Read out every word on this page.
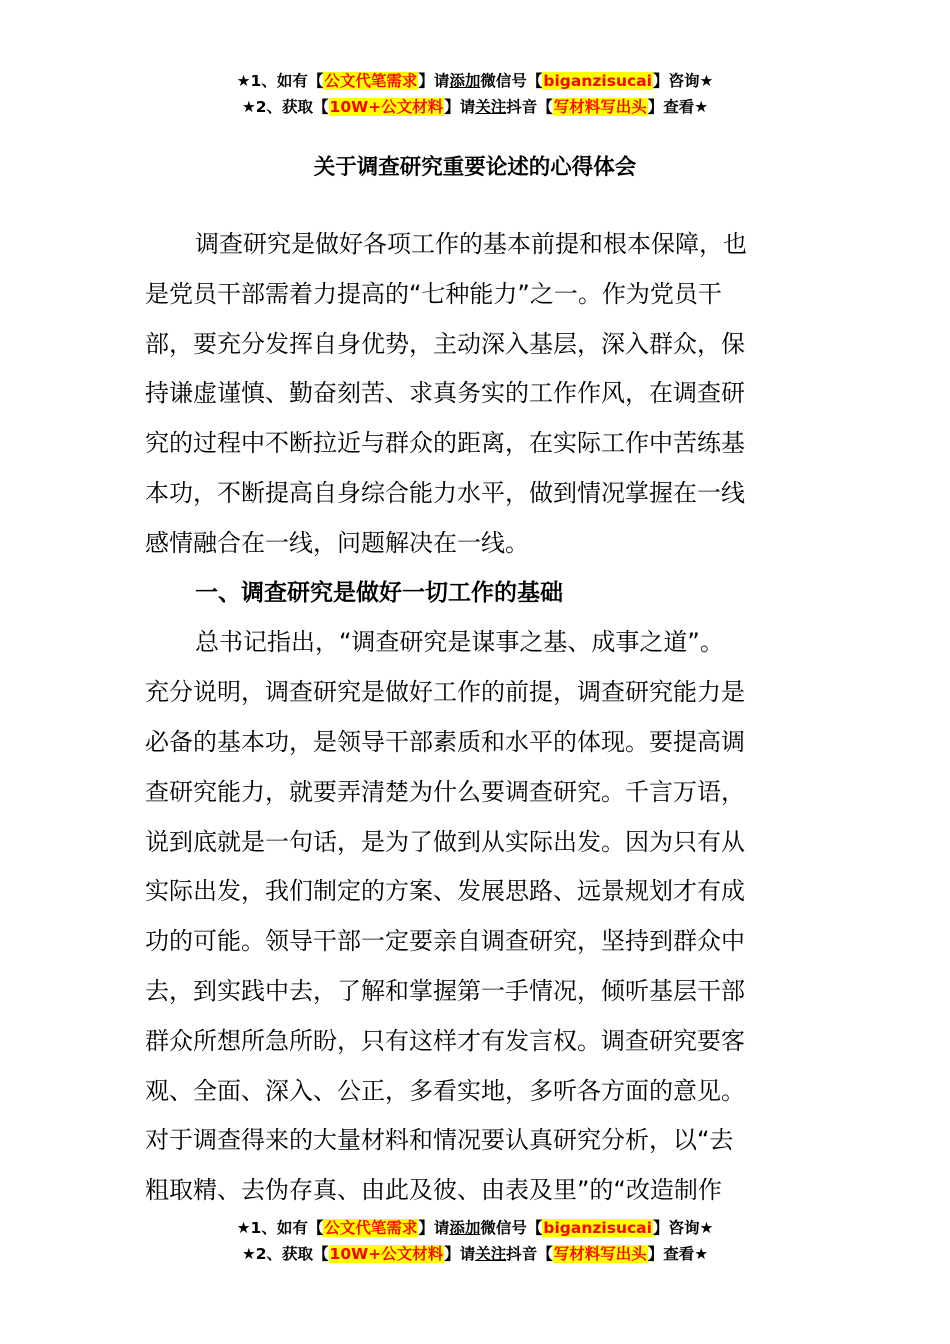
★1、如有【公文代笔需求】请添加微信号【biganzisucai】咨询★
★2、获取【10W+公文材料】请关注抖音【写材料写出头】查看★
关于调查研究重要论述的心得体会
调查研究是做好各项工作的基本前提和根本保障，也
是党员干部需着力提高的“七种能力”之一。作为党员干
部，要充分发挥自身优势，主动深入基层，深入群众，保
持谦虚谨慎、勤奋刻苦、求真务实的工作作风，在调查研
究的过程中不断拉近与群众的距离，在实际工作中苦练基
本功，不断提高自身综合能力水平，做到情况掌握在一线
感情融合在一线，问题解决在一线。
一、调查研究是做好一切工作的基础
总书记指出，“调查研究是谋事之基、成事之道”。
充分说明，调查研究是做好工作的前提，调查研究能力是
必备的基本功，是领导干部素质和水平的体现。要提高调
查研究能力，就要弄清楚为什么要调查研究。千言万语，
说到底就是一句话，是为了做到从实际出发。因为只有从
实际出发，我们制定的方案、发展思路、远景规划才有成
功的可能。领导干部一定要亲自调查研究，坚持到群众中
去，到实践中去，了解和掌握第一手情况，倾听基层干部
群众所想所急所盼，只有这样才有发言权。调查研究要客
观、全面、深入、公正，多看实地，多听各方面的意见。
对于调查得来的大量材料和情况要认真研究分析，以“去
粗取精、去伪存真、由此及彼、由表及里”的“改造制作
★1、如有【公文代笔需求】请添加微信号【biganzisucai】咨询★
★2、获取【10W+公文材料】请关注抖音【写材料写出头】查看★
